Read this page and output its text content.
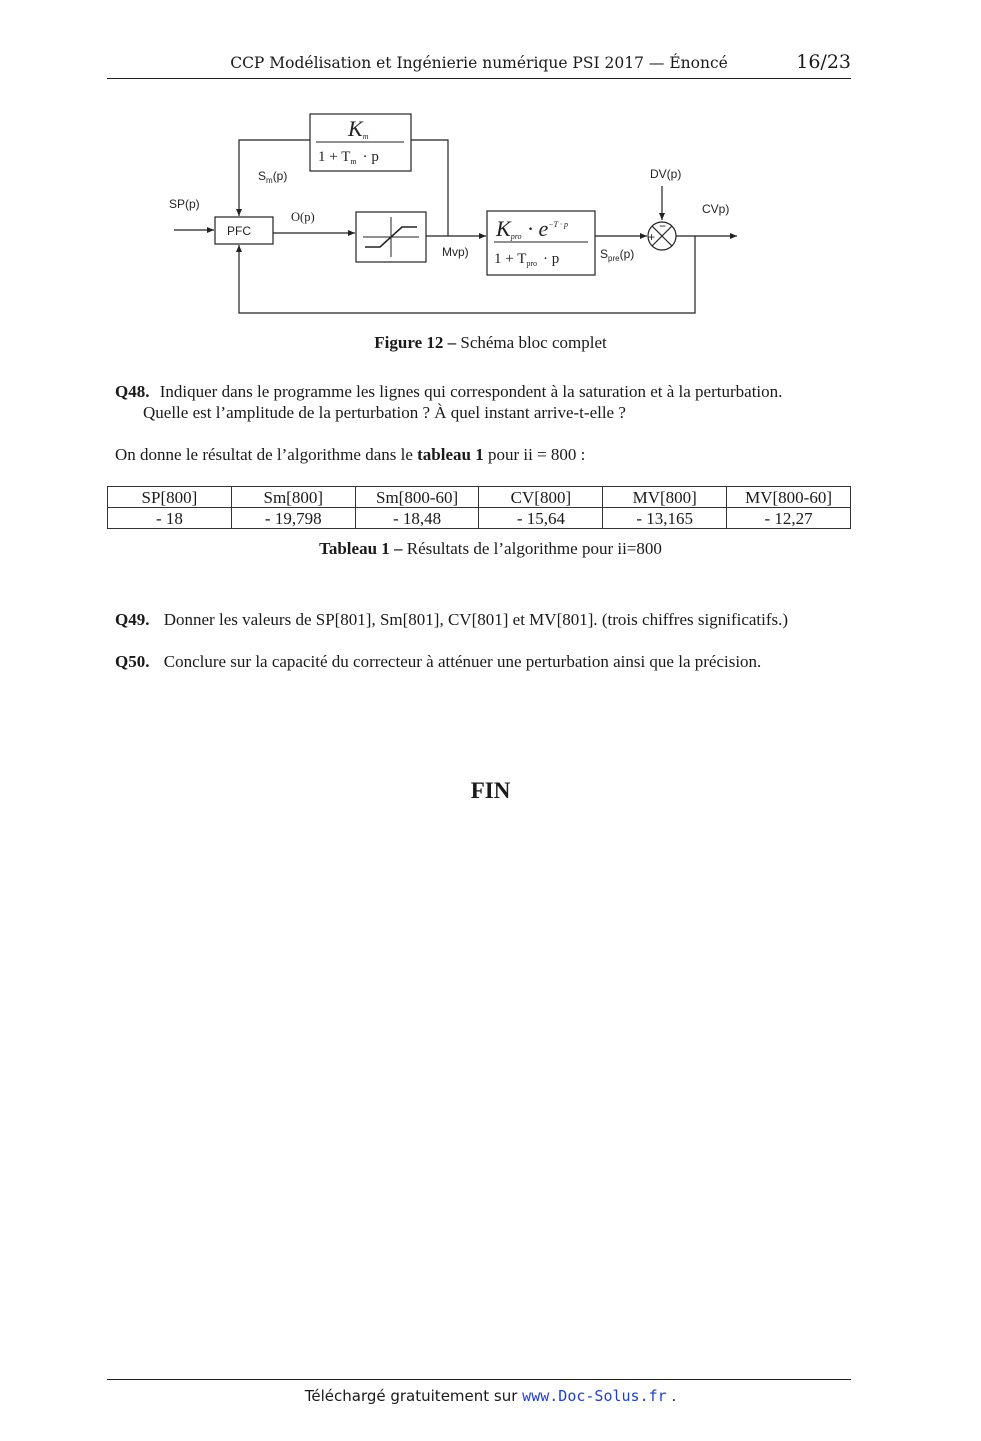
CCP Modélisation et Ingénierie numérique PSI 2017 — Énoncé	16/23
SP(p)
O(p)
$S_m(p)$
Mvp)	$S_{pre}(p)$
DV(p)
CVp)
PFC
Km
$1 + T_m \cdot p$
Kpro · $e^{-T \cdot p}$
$1 + T_{pro} \cdot p$
+
−
Figure 12 – Schéma bloc complet
Q48. Indiquer dans le programme les lignes qui correspondent à la saturation et à la perturbation.
Quelle est l’amplitude de la perturbation ? À quel instant arrive-t-elle ?
On donne le résultat de l’algorithme dans le tableau 1 pour ii = 800 :
SP[800]	Sm[800]	Sm[800-60]	CV[800]	MV[800]	MV[800-60]
- 18	- 19,798	- 18,48	- 15,64	- 13,165	- 12,27
Tableau 1 – Résultats de l’algorithme pour ii=800
Q49. Donner les valeurs de SP[801], Sm[801], CV[801] et MV[801]. (trois chiffres significatifs.)
Q50. Conclure sur la capacité du correcteur à atténuer une perturbation ainsi que la précision.
FIN
Téléchargé gratuitement sur www.Doc-Solus.fr .
